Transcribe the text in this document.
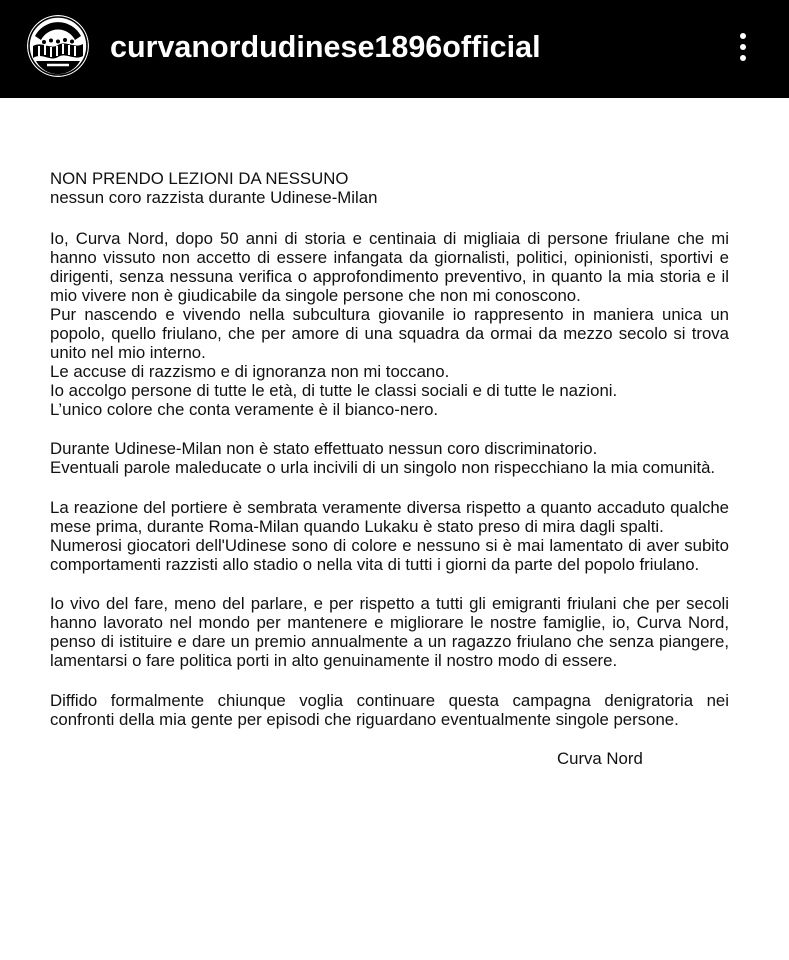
curvanordudinese1896official
NON PRENDO LEZIONI DA NESSUNO
nessun coro razzista durante Udinese-Milan
Io, Curva Nord, dopo 50 anni di storia e centinaia di migliaia di persone friulane che mi
hanno vissuto non accetto di essere infangata da giornalisti, politici, opinionisti, sportivi e
dirigenti, senza nessuna verifica o approfondimento preventivo, in quanto la mia storia e il
mio vivere non è giudicabile da singole persone che non mi conoscono.
Pur nascendo e vivendo nella subcultura giovanile io rappresento in maniera unica un
popolo, quello friulano, che per amore di una squadra da ormai da mezzo secolo si trova
unito nel mio interno.
Le accuse di razzismo e di ignoranza non mi toccano.
Io accolgo persone di tutte le età, di tutte le classi sociali e di tutte le nazioni.
L’unico colore che conta veramente è il bianco-nero.
Durante Udinese-Milan non è stato effettuato nessun coro discriminatorio.
Eventuali parole maleducate o urla incivili di un singolo non rispecchiano la mia comunità.
La reazione del portiere è sembrata veramente diversa rispetto a quanto accaduto qualche
mese prima, durante Roma-Milan quando Lukaku è stato preso di mira dagli spalti.
Numerosi giocatori dell'Udinese sono di colore e nessuno si è mai lamentato di aver subito
comportamenti razzisti allo stadio o nella vita di tutti i giorni da parte del popolo friulano.
Io vivo del fare, meno del parlare, e per rispetto a tutti gli emigranti friulani che per secoli
hanno lavorato nel mondo per mantenere e migliorare le nostre famiglie, io, Curva Nord,
penso di istituire e dare un premio annualmente a un ragazzo friulano che senza piangere,
lamentarsi o fare politica porti in alto genuinamente il nostro modo di essere.
Diffido formalmente chiunque voglia continuare questa campagna denigratoria nei
confronti della mia gente per episodi che riguardano eventualmente singole persone.
Curva Nord
